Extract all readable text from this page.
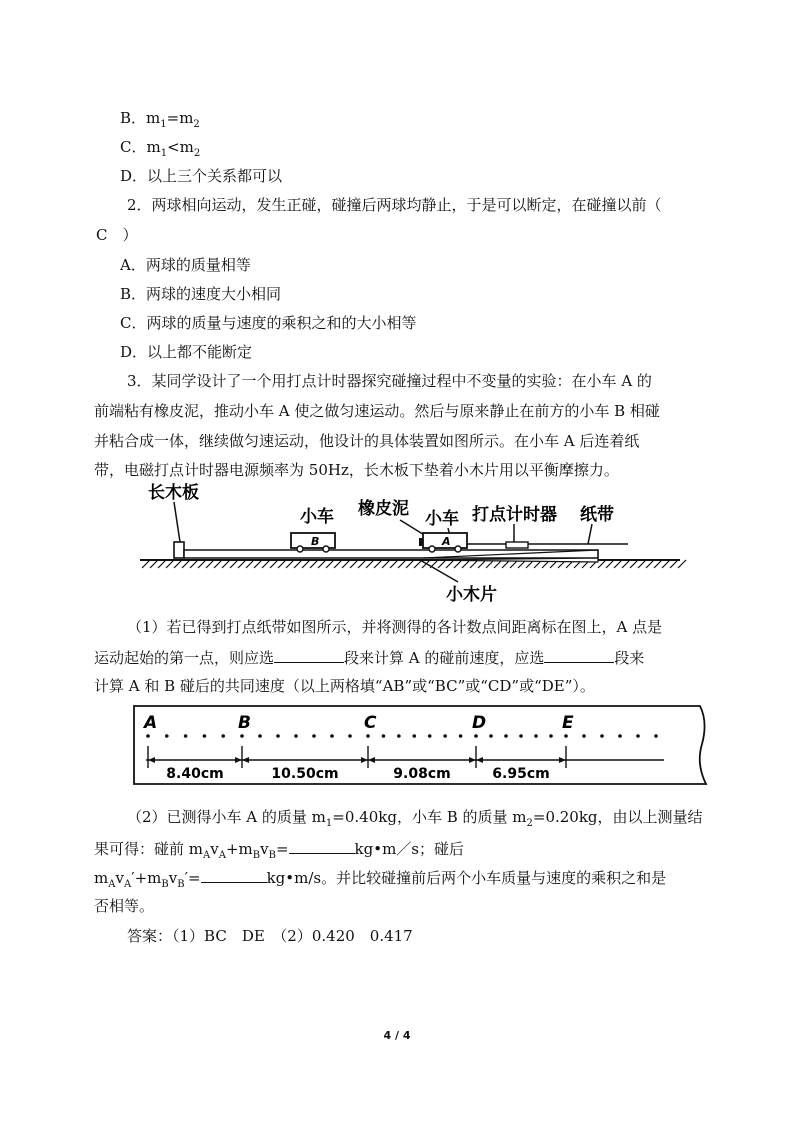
B．$m_1=m_2$
C．$m_1<m_2$
D．以上三个关系都可以
2．两球相向运动，发生正碰，碰撞后两球均静止，于是可以断定，在碰撞以前（
C　）
A．两球的质量相等
B．两球的速度大小相同
C．两球的质量与速度的乘积之和的大小相等
D．以上都不能断定
3．某同学设计了一个用打点计时器探究碰撞过程中不变量的实验：在小车 A 的
前端粘有橡皮泥，推动小车 A 使之做匀速运动。然后与原来静止在前方的小车 B 相碰
并粘合成一体，继续做匀速运动，他设计的具体装置如图所示。在小车 A 后连着纸
带，电磁打点计时器电源频率为 50Hz，长木板下垫着小木片用以平衡摩擦力。
长木板
小车 橡皮泥 小车 打点计时器 纸带
小木片
B	A
（1）若已得到打点纸带如图所示，并将测得的各计数点间距离标在图上，A 点是
运动起始的第一点，则应选	段来计算 A 的碰前速度，应选	段来
计算 A 和 B 碰后的共同速度（以上两格填“AB”或“BC”或“CD”或“DE”）。
A	B	C	D	E
8.40cm	10.50cm	9.08cm	6.95cm
（2）已测得小车 A 的质量 $m_1=0.40kg$，小车 B 的质量 $m_2=0.20kg$，由以上测量结
果可得：碰前 $m_Av_A+m_Bv_B=$	kg•m／s；碰后
$m_Av_A'+m_Bv_B'=$	kg•m/s。并比较碰撞前后两个小车质量与速度的乘积之和是
否相等。
答案：（1）BC　DE　（2）0.420　0.417
4 / 4
